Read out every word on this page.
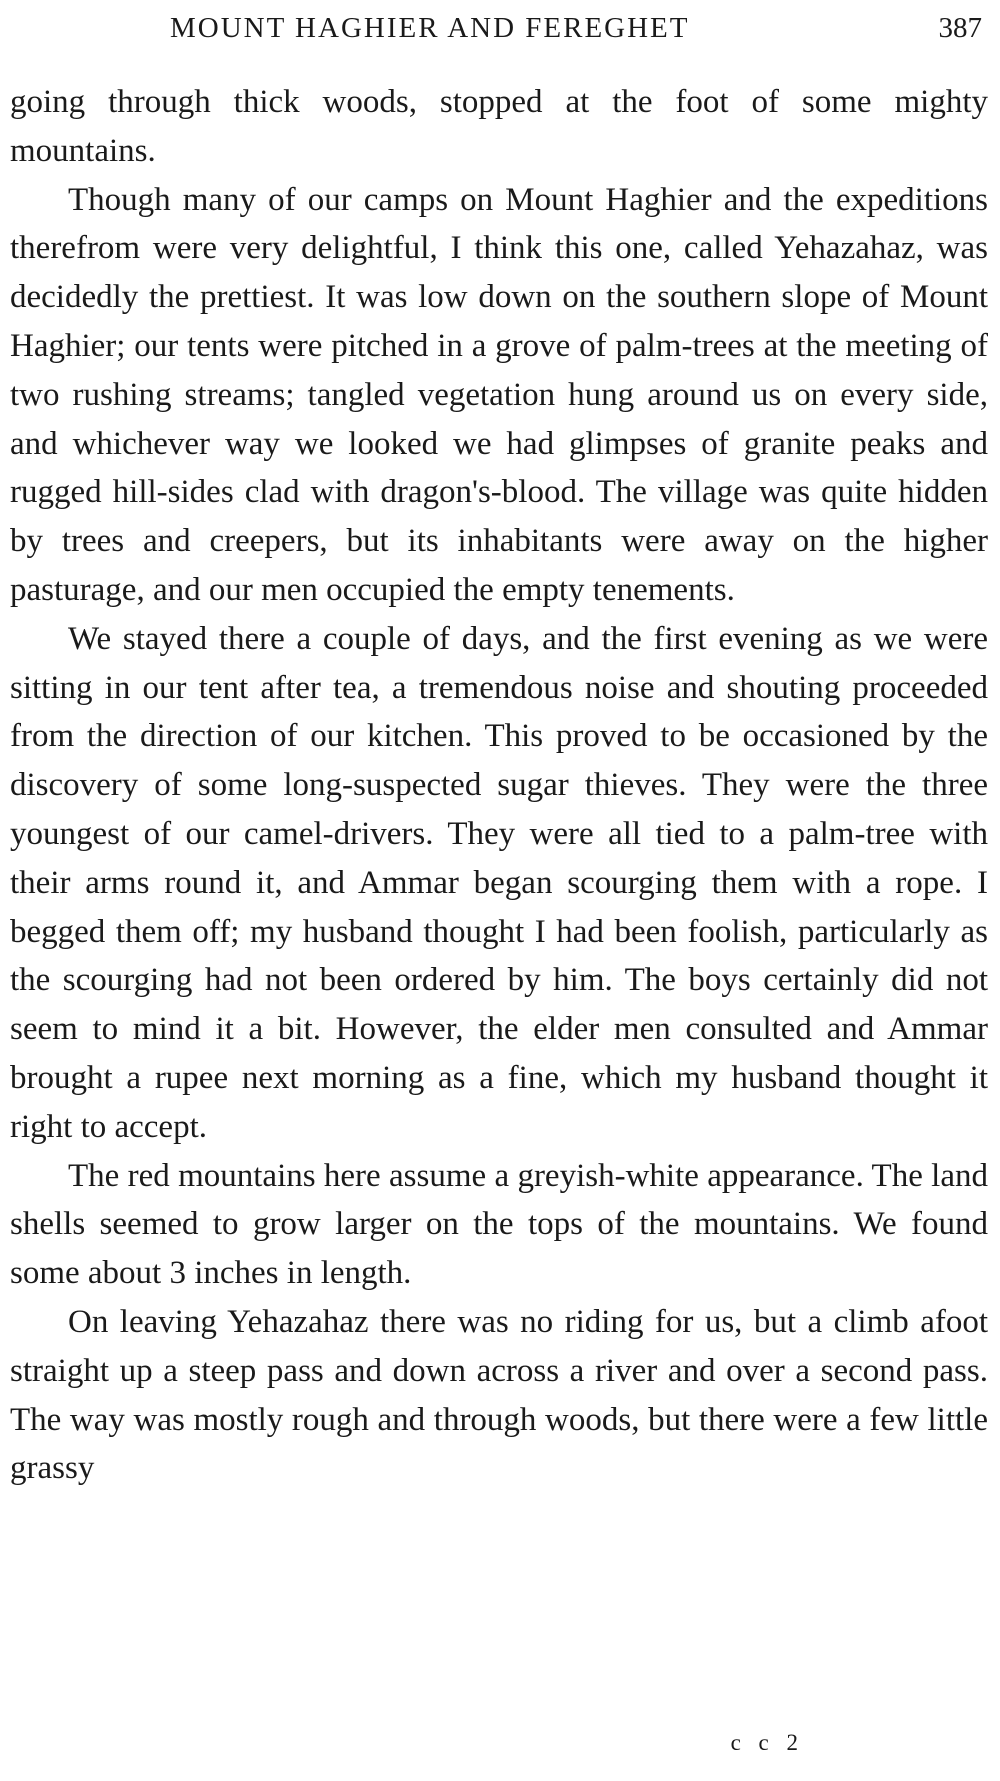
MOUNT HAGHIER AND FEREGHET	387

going through thick woods, stopped at the foot of some mighty mountains.

Though many of our camps on Mount Haghier and the expeditions therefrom were very delightful, I think this one, called Yehazahaz, was decidedly the prettiest. It was low down on the southern slope of Mount Haghier; our tents were pitched in a grove of palm-trees at the meeting of two rushing streams; tangled vegetation hung around us on every side, and whichever way we looked we had glimpses of granite peaks and rugged hill-sides clad with dragon's-blood. The village was quite hidden by trees and creepers, but its inhabitants were away on the higher pasturage, and our men occupied the empty tenements.

We stayed there a couple of days, and the first evening as we were sitting in our tent after tea, a tremendous noise and shouting proceeded from the direction of our kitchen. This proved to be occasioned by the discovery of some long-suspected sugar thieves. They were the three youngest of our camel-drivers. They were all tied to a palm-tree with their arms round it, and Ammar began scourging them with a rope. I begged them off; my husband thought I had been foolish, particularly as the scourging had not been ordered by him. The boys certainly did not seem to mind it a bit. However, the elder men consulted and Ammar brought a rupee next morning as a fine, which my husband thought it right to accept.

The red mountains here assume a greyish-white appearance. The land shells seemed to grow larger on the tops of the mountains. We found some about 3 inches in length.

On leaving Yehazahaz there was no riding for us, but a climb afoot straight up a steep pass and down across a river and over a second pass. The way was mostly rough and through woods, but there were a few little grassy

c c 2
